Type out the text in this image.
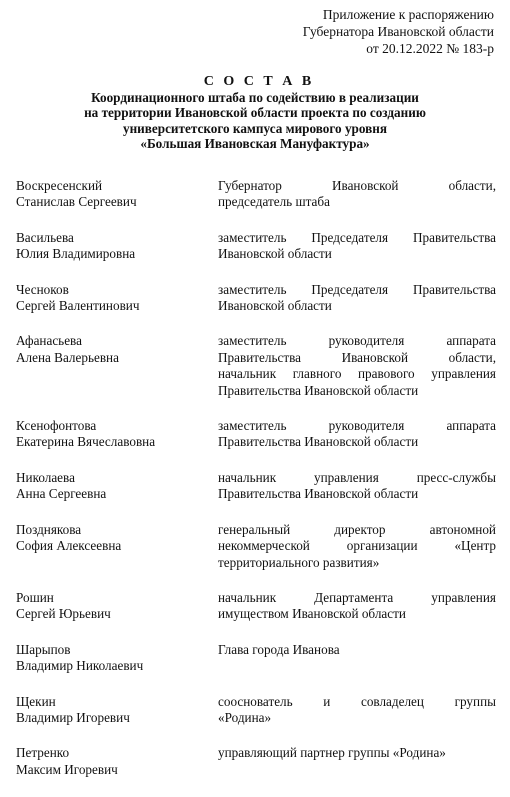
Приложение к распоряжению
Губернатора Ивановской области
от 20.12.2022 № 183-р
С О С Т А В
Координационного штаба по содействию в реализации
на территории Ивановской области проекта по созданию
университетского кампуса мирового уровня
«Большая Ивановская Мануфактура»
Воскресенский
Станислав Сергеевич
Губернатор Ивановской области,
председатель штаба
Васильева
Юлия Владимировна
заместитель Председателя Правительства
Ивановской области
Чесноков
Сергей Валентинович
заместитель Председателя Правительства
Ивановской области
Афанасьева
Алена Валерьевна
заместитель руководителя аппарата
Правительства Ивановской области,
начальник главного правового управления
Правительства Ивановской области
Ксенофонтова
Екатерина Вячеславовна
заместитель руководителя аппарата
Правительства Ивановской области
Николаева
Анна Сергеевна
начальник управления пресс-службы
Правительства Ивановской области
Позднякова
София Алексеевна
генеральный директор автономной
некоммерческой организации «Центр
территориального развития»
Рошин
Сергей Юрьевич
начальник Департамента управления
имуществом Ивановской области
Шарыпов
Владимир Николаевич
Глава города Иванова
Щекин
Владимир Игоревич
сооснователь и совладелец группы
«Родина»
Петренко
Максим Игоревич
управляющий партнер группы «Родина»
